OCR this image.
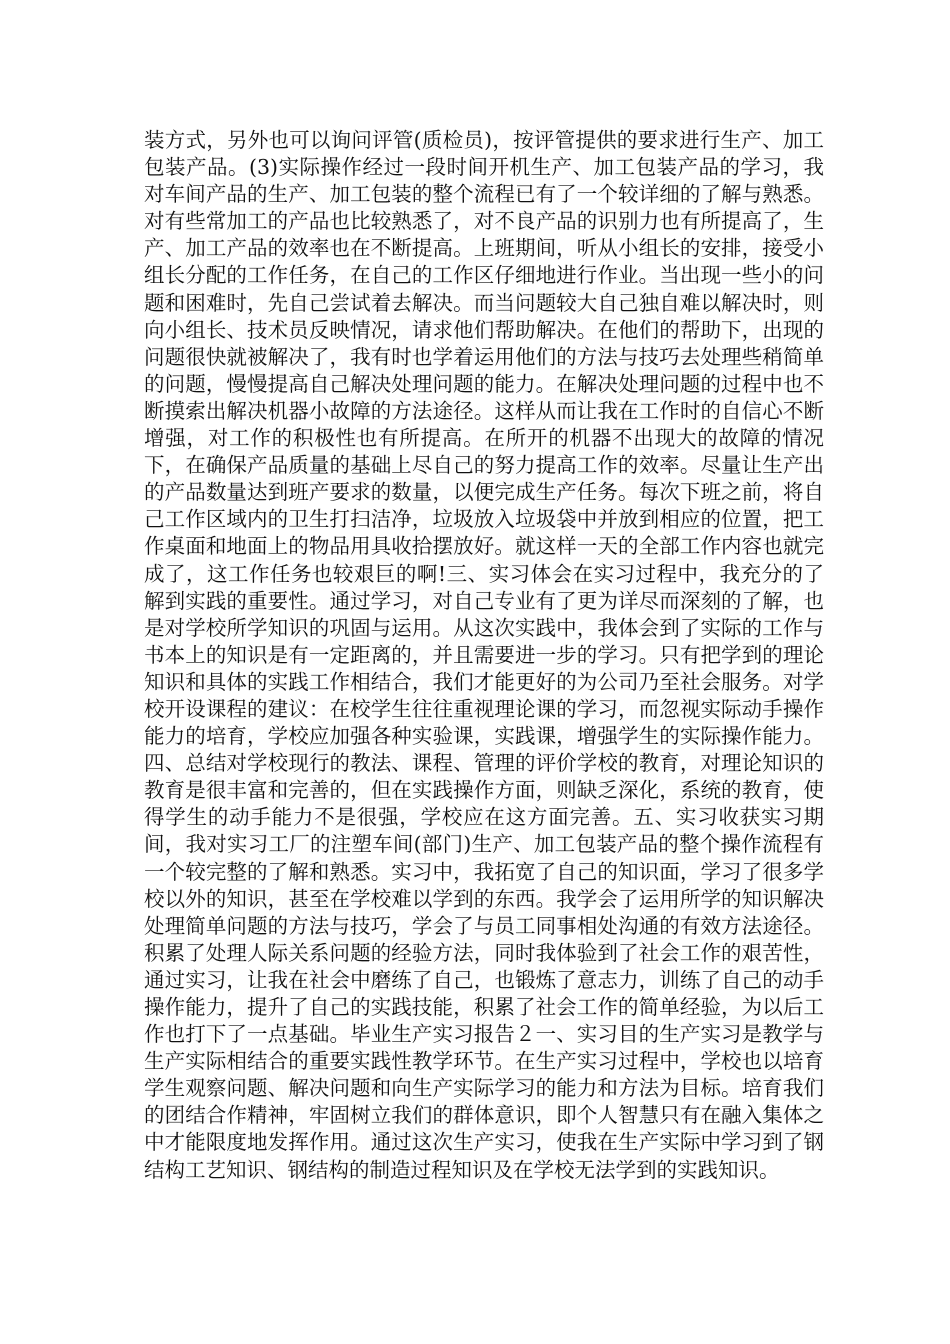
装方式，另外也可以询问评管(质检员)，按评管提供的要求进行生产、加工包装产品。(3)实际操作经过一段时间开机生产、加工包装产品的学习，我对车间产品的生产、加工包装的整个流程已有了一个较详细的了解与熟悉。对有些常加工的产品也比较熟悉了，对不良产品的识别力也有所提高了，生产、加工产品的效率也在不断提高。上班期间，听从小组长的安排，接受小组长分配的工作任务，在自己的工作区仔细地进行作业。当出现一些小的问题和困难时，先自己尝试着去解决。而当问题较大自己独自难以解决时，则向小组长、技术员反映情况，请求他们帮助解决。在他们的帮助下，出现的问题很快就被解决了，我有时也学着运用他们的方法与技巧去处理些稍简单的问题，慢慢提高自己解决处理问题的能力。在解决处理问题的过程中也不断摸索出解决机器小故障的方法途径。这样从而让我在工作时的自信心不断增强，对工作的积极性也有所提高。在所开的机器不出现大的故障的情况下，在确保产品质量的基础上尽自己的努力提高工作的效率。尽量让生产出的产品数量达到班产要求的数量，以便完成生产任务。每次下班之前，将自己工作区域内的卫生打扫洁净，垃圾放入垃圾袋中并放到相应的位置，把工作桌面和地面上的物品用具收拾摆放好。就这样一天的全部工作内容也就完成了，这工作任务也较艰巨的啊!三、实习体会在实习过程中，我充分的了解到实践的重要性。通过学习，对自己专业有了更为详尽而深刻的了解，也是对学校所学知识的巩固与运用。从这次实践中，我体会到了实际的工作与书本上的知识是有一定距离的，并且需要进一步的学习。只有把学到的理论知识和具体的实践工作相结合，我们才能更好的为公司乃至社会服务。对学校开设课程的建议：在校学生往往重视理论课的学习，而忽视实际动手操作能力的培育，学校应加强各种实验课，实践课，增强学生的实际操作能力。四、总结对学校现行的教法、课程、管理的评价学校的教育，对理论知识的教育是很丰富和完善的，但在实践操作方面，则缺乏深化，系统的教育，使得学生的动手能力不是很强，学校应在这方面完善。五、实习收获实习期间，我对实习工厂的注塑车间(部门)生产、加工包装产品的整个操作流程有一个较完整的了解和熟悉。实习中，我拓宽了自己的知识面，学习了很多学校以外的知识，甚至在学校难以学到的东西。我学会了运用所学的知识解决处理简单问题的方法与技巧，学会了与员工同事相处沟通的有效方法途径。积累了处理人际关系问题的经验方法，同时我体验到了社会工作的艰苦性，通过实习，让我在社会中磨练了自己，也锻炼了意志力，训练了自己的动手操作能力，提升了自己的实践技能，积累了社会工作的简单经验，为以后工作也打下了一点基础。毕业生产实习报告２一、实习目的生产实习是教学与生产实际相结合的重要实践性教学环节。在生产实习过程中，学校也以培育学生观察问题、解决问题和向生产实际学习的能力和方法为目标。培育我们的团结合作精神，牢固树立我们的群体意识，即个人智慧只有在融入集体之中才能限度地发挥作用。通过这次生产实习，使我在生产实际中学习到了钢结构工艺知识、钢结构的制造过程知识及在学校无法学到的实践知识。
